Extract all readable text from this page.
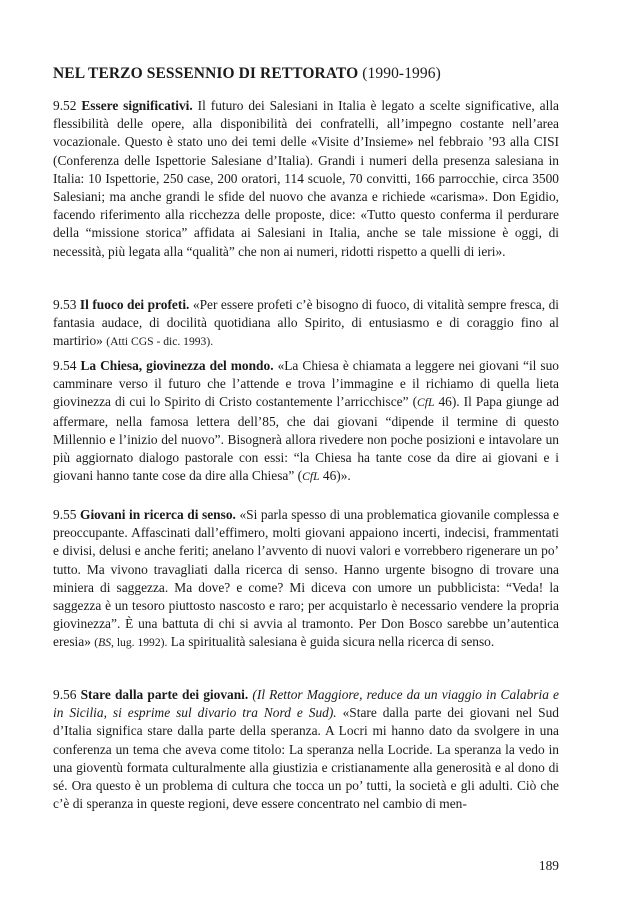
NEL TERZO SESSENNIO DI RETTORATO (1990-1996)

9.52 Essere significativi. Il futuro dei Salesiani in Italia è legato a scelte significative, alla flessibilità delle opere, alla disponibilità dei confratelli, all’impegno costante nell’area vocazionale. Questo è stato uno dei temi delle «Visite d’Insieme» nel febbraio ’93 alla CISI (Conferenza delle Ispettorie Salesiane d’Italia). Grandi i numeri della presenza salesiana in Italia: 10 Ispettorie, 250 case, 200 oratori, 114 scuole, 70 convitti, 166 parrocchie, circa 3500 Salesiani; ma anche grandi le sfide del nuovo che avanza e richiede «carisma». Don Egidio, facendo riferimento alla ricchezza delle proposte, dice: «Tutto questo conferma il perdurare della “missione storica” affidata ai Salesiani in Italia, anche se tale missione è oggi, di necessità, più legata alla “qualità” che non ai numeri, ridotti rispetto a quelli di ieri».

9.53 Il fuoco dei profeti. «Per essere profeti c’è bisogno di fuoco, di vitalità sempre fresca, di fantasia audace, di docilità quotidiana allo Spirito, di entusiasmo e di coraggio fino al martirio» (Atti CGS - dic. 1993).

9.54 La Chiesa, giovinezza del mondo. «La Chiesa è chiamata a leggere nei giovani “il suo camminare verso il futuro che l’attende e trova l’immagine e il richiamo di quella lieta giovinezza di cui lo Spirito di Cristo costantemente l’arricchisce” (CfL 46). Il Papa giunge ad affermare, nella famosa lettera dell’85, che dai giovani “dipende il termine di questo Millennio e l’inizio del nuovo”. Bisognerà allora rivedere non poche posizioni e intavolare un più aggiornato dialogo pastorale con essi: “la Chiesa ha tante cose da dire ai giovani e i giovani hanno tante cose da dire alla Chiesa” (CfL 46)».

9.55 Giovani in ricerca di senso. «Si parla spesso di una problematica giovanile complessa e preoccupante. Affascinati dall’effimero, molti giovani appaiono incerti, indecisi, frammentati e divisi, delusi e anche feriti; anelano l’avvento di nuovi valori e vorrebbero rigenerare un po’ tutto. Ma vivono travagliati dalla ricerca di senso. Hanno urgente bisogno di trovare una miniera di saggezza. Ma dove? e come? Mi diceva con umore un pubblicista: “Veda! la saggezza è un tesoro piuttosto nascosto e raro; per acquistarlo è necessario vendere la propria giovinezza”. È una battuta di chi si avvia al tramonto. Per Don Bosco sarebbe un’autentica eresia» (BS, lug. 1992). La spiritualità salesiana è guida sicura nella ricerca di senso.

9.56 Stare dalla parte dei giovani. (Il Rettor Maggiore, reduce da un viaggio in Calabria e in Sicilia, si esprime sul divario tra Nord e Sud). «Stare dalla parte dei giovani nel Sud d’Italia significa stare dalla parte della speranza. A Locri mi hanno dato da svolgere in una conferenza un tema che aveva come titolo: La speranza nella Locride. La speranza la vedo in una gioventù formata culturalmente alla giustizia e cristianamente alla generosità e al dono di sé. Ora questo è un problema di cultura che tocca un po’ tutti, la società e gli adulti. Ciò che c’è di speranza in queste regioni, deve essere concentrato nel cambio di men-

189
